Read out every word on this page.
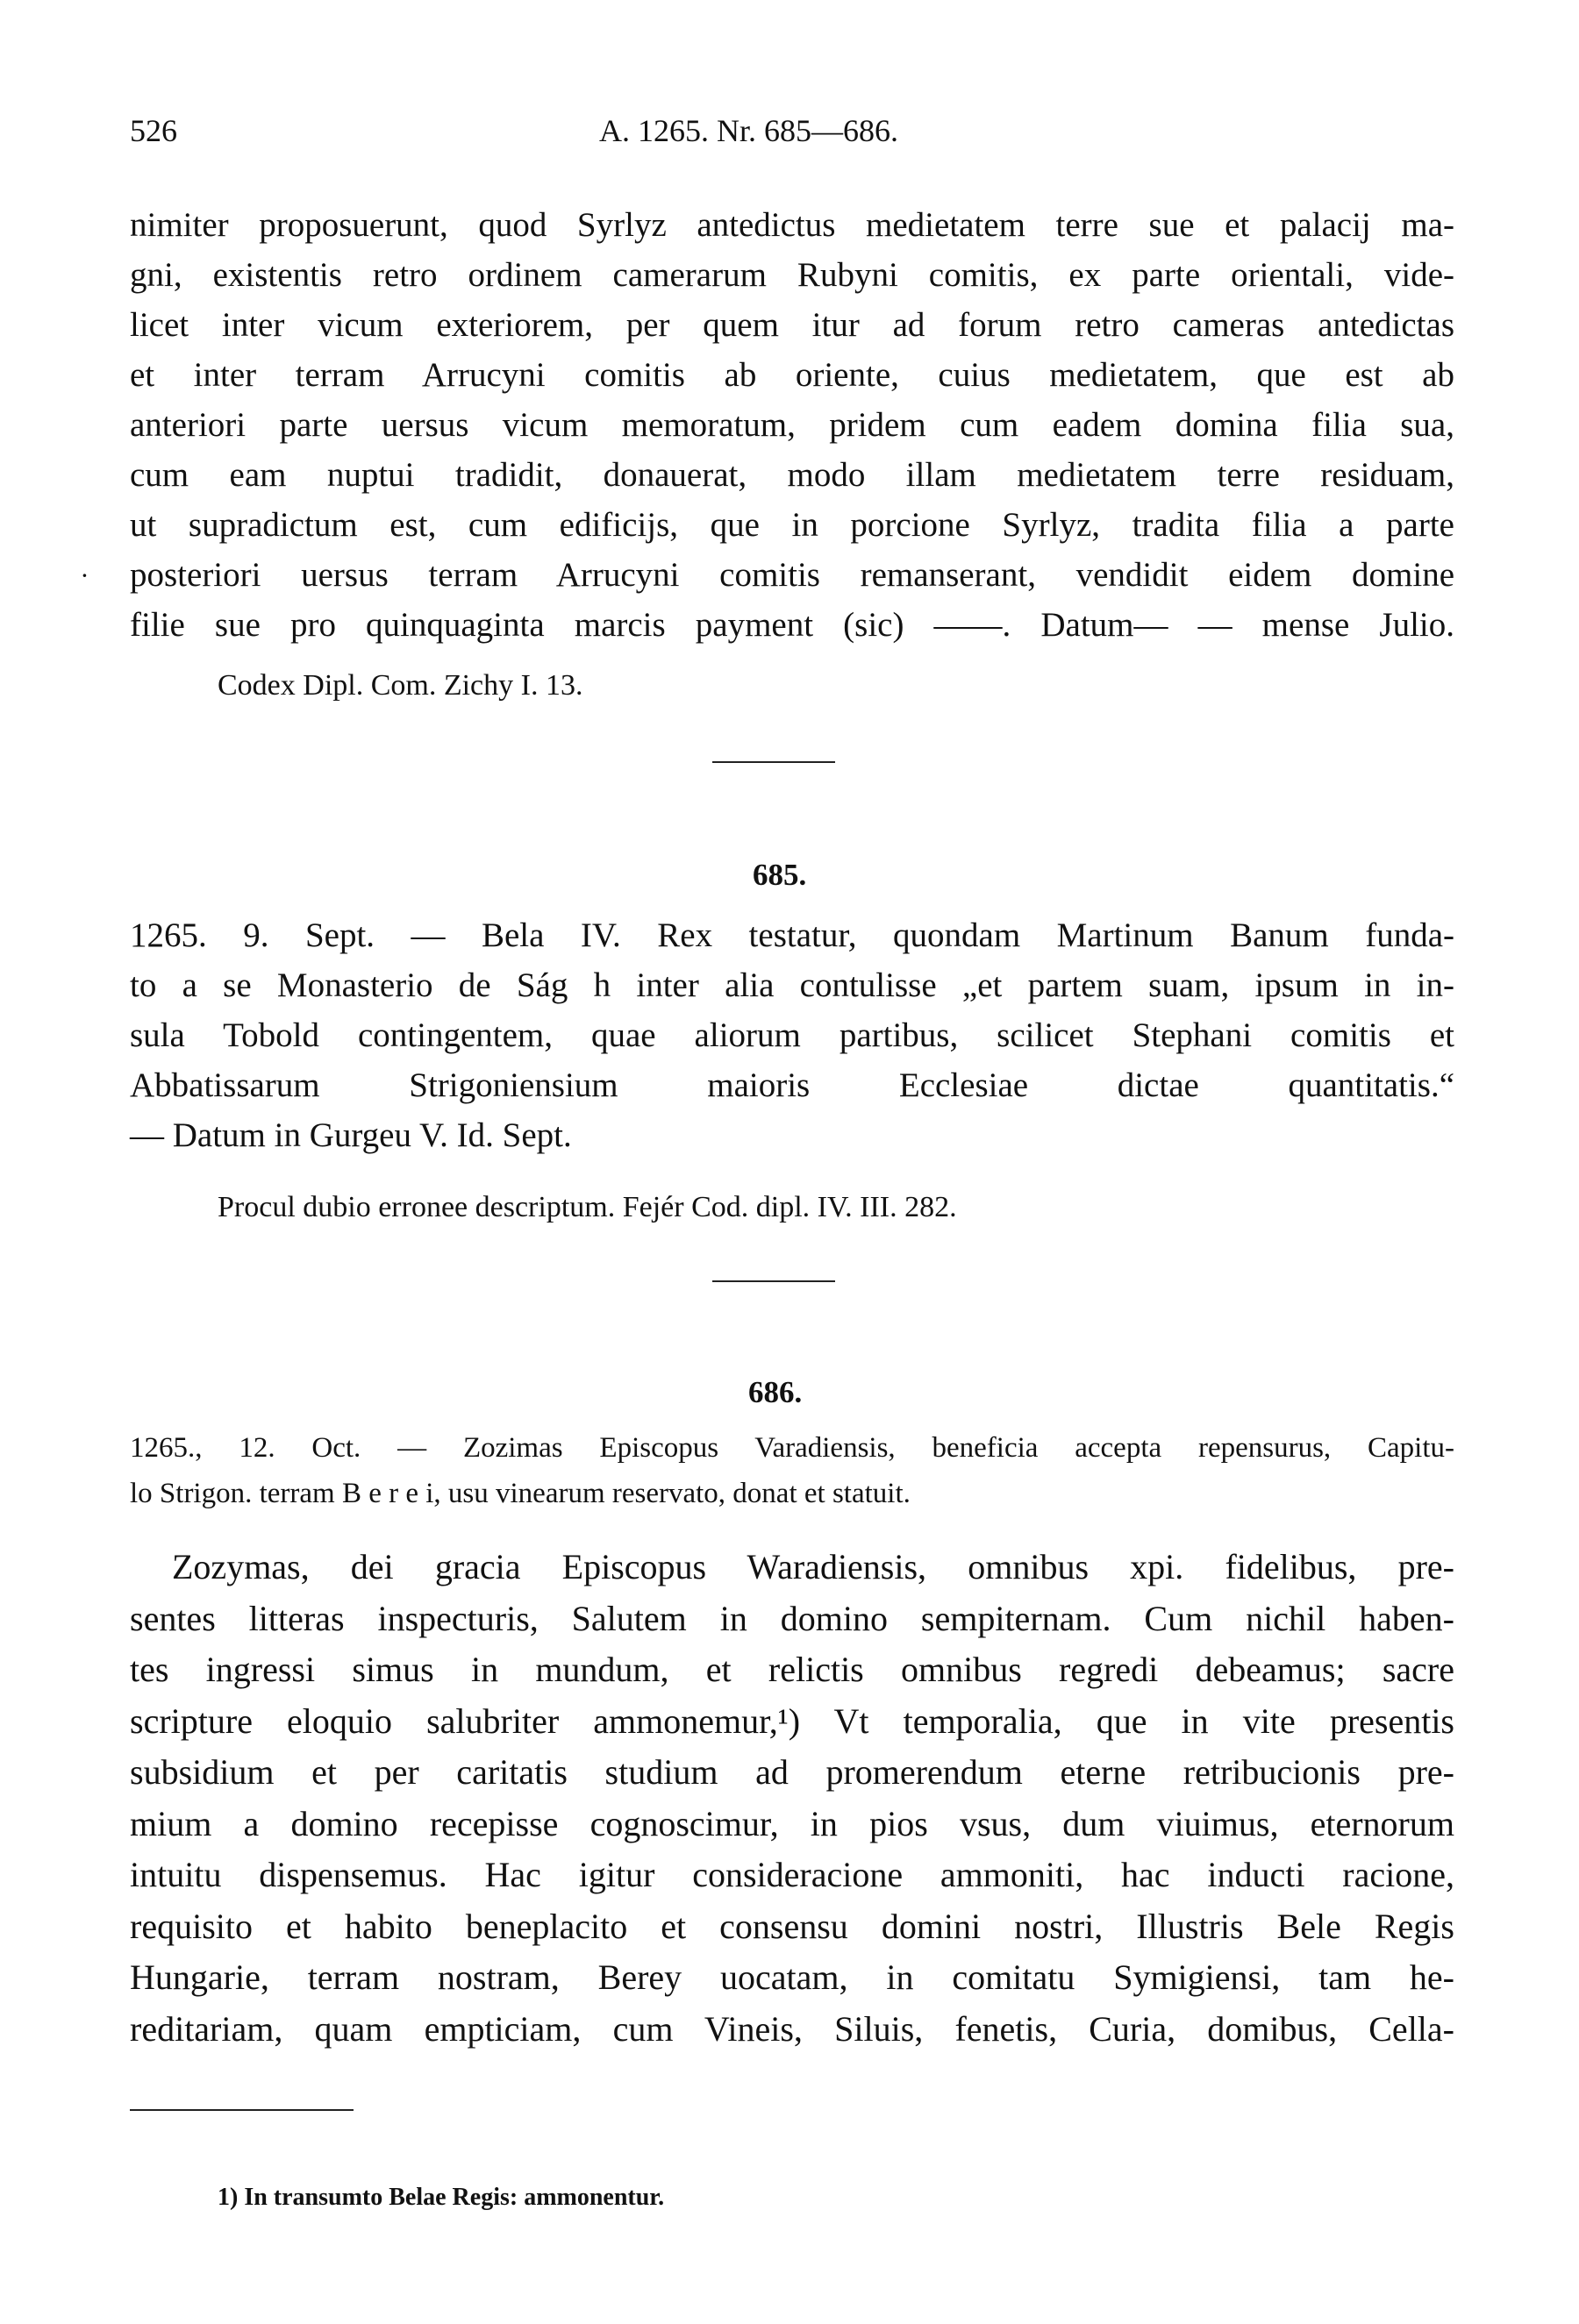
526	A. 1265. Nr. 685—686.
nimiter proposuerunt, quod Syrlyz antedictus medietatem terre sue et palacij ma-
gni, existentis retro ordinem camerarum Rubyni comitis, ex parte orientali, vide-
licet inter vicum exteriorem, per quem itur ad forum retro cameras antedictas
et inter terram Arrucyni comitis ab oriente, cuius medietatem, que est ab
anteriori parte uersus vicum memoratum, pridem cum eadem domina filia sua,
cum eam nuptui tradidit, donauerat, modo illam medietatem terre residuam,
ut supradictum est, cum edificijs, que in porcione Syrlyz, tradita filia a parte
posteriori uersus terram Arrucyni comitis remanserant, vendidit eidem domine
filie sue pro quinquaginta marcis payment (sic) ——. Datum— — mense Julio.
·
Codex Dipl. Com. Zichy I. 13.
685.
1265. 9. Sept. — Bela IV. Rex testatur, quondam Martinum Banum funda-
to a se Monasterio de Ság h inter alia contulisse „et partem suam, ipsum in in-
sula Tobold contingentem, quae aliorum partibus, scilicet Stephani comitis et
Abbatissarum Strigoniensium maioris Ecclesiae dictae quantitatis.“
— Datum in Gurgeu V. Id. Sept.
Procul dubio erronee descriptum. Fejér Cod. dipl. IV. III. 282.
686.
1265., 12. Oct. — Zozimas Episcopus Varadiensis, beneficia accepta repensurus, Capitu-
lo Strigon. terram B e r e i, usu vinearum reservato, donat et statuit.
Zozymas, dei gracia Episcopus Waradiensis, omnibus xpi. fidelibus, pre-
sentes litteras inspecturis, Salutem in domino sempiternam. Cum nichil haben-
tes ingressi simus in mundum, et relictis omnibus regredi debeamus; sacre
scripture eloquio salubriter ammonemur,¹) Vt temporalia, que in vite presentis
subsidium et per caritatis studium ad promerendum eterne retribucionis pre-
mium a domino recepisse cognoscimur, in pios vsus, dum viuimus, eternorum
intuitu dispensemus. Hac igitur consideracione ammoniti, hac inducti racione,
requisito et habito beneplacito et consensu domini nostri, Illustris Bele Regis
Hungarie, terram nostram, Berey uocatam, in comitatu Symigiensi, tam he-
reditariam, quam empticiam, cum Vineis, Siluis, fenetis, Curia, domibus, Cella-
1) In transumto Belae Regis: ammonentur.
